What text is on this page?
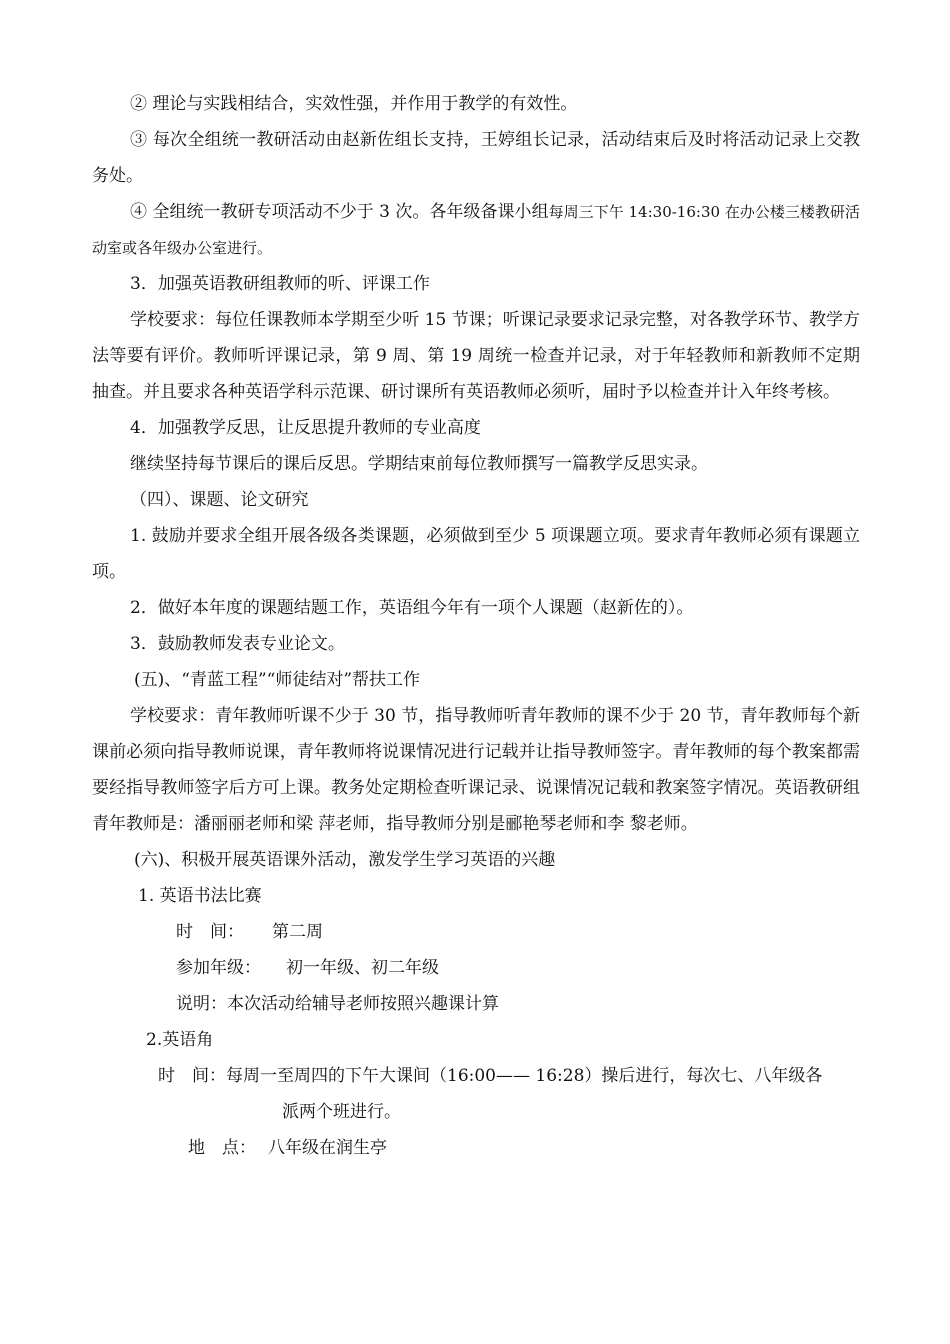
② 理论与实践相结合，实效性强，并作用于教学的有效性。

③ 每次全组统一教研活动由赵新佐组长支持，王婷组长记录，活动结束后及时将活动记录上交教务处。

④ 全组统一教研专项活动不少于 3 次。各年级备课小组每周三下午 14:30-16:30 在办公楼三楼教研活动室或各年级办公室进行。

3．加强英语教研组教师的听、评课工作

学校要求：每位任课教师本学期至少听 15 节课；听课记录要求记录完整，对各教学环节、教学方法等要有评价。教师听评课记录，第 9 周、第 19 周统一检查并记录，对于年轻教师和新教师不定期抽查。并且要求各种英语学科示范课、研讨课所有英语教师必须听，届时予以检查并计入年终考核。

4．加强教学反思，让反思提升教师的专业高度

继续坚持每节课后的课后反思。学期结束前每位教师撰写一篇教学反思实录。

（四）、课题、论文研究

1. 鼓励并要求全组开展各级各类课题，必须做到至少 5 项课题立项。要求青年教师必须有课题立项。

2．做好本年度的课题结题工作，英语组今年有一项个人课题（赵新佐的）。

3．鼓励教师发表专业论文。

(五)、“青蓝工程”“师徒结对”帮扶工作

学校要求：青年教师听课不少于 30 节，指导教师听青年教师的课不少于 20 节，青年教师每个新课前必须向指导教师说课，青年教师将说课情况进行记载并让指导教师签字。青年教师的每个教案都需要经指导教师签字后方可上课。教务处定期检查听课记录、说课情况记载和教案签字情况。英语教研组青年教师是：潘丽丽老师和梁 萍老师，指导教师分别是郦艳琴老师和李 黎老师。

(六)、积极开展英语课外活动，激发学生学习英语的兴趣

1. 英语书法比赛

时　间： 第二周

参加年级： 初一年级、初二年级

说明：本次活动给辅导老师按照兴趣课计算

2.英语角

时　间： 每周一至周四的下午大课间（16:00—— 16:28）操后进行，每次七、八年级各

派两个班进行。

地　点： 八年级在润生亭
